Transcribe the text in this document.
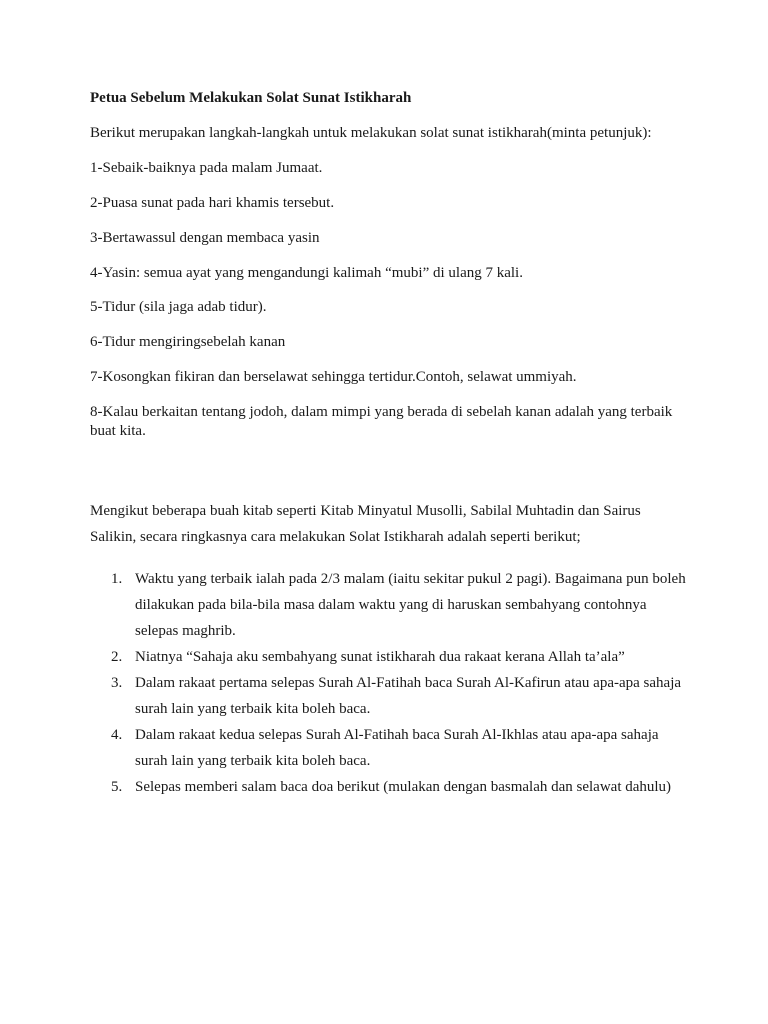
Petua Sebelum Melakukan Solat Sunat Istikharah

Berikut merupakan langkah-langkah untuk melakukan solat sunat istikharah(minta petunjuk):

1-Sebaik-baiknya pada malam Jumaat.

2-Puasa sunat pada hari khamis tersebut.

3-Bertawassul dengan membaca yasin

4-Yasin: semua ayat yang mengandungi kalimah “mubi” di ulang 7 kali.

5-Tidur (sila jaga adab tidur).

6-Tidur mengiringsebelah kanan

7-Kosongkan fikiran dan berselawat sehingga tertidur.Contoh, selawat ummiyah.

8-Kalau berkaitan tentang jodoh, dalam mimpi yang berada di sebelah kanan adalah yang terbaik buat kita.

Mengikut beberapa buah kitab seperti Kitab Minyatul Musolli, Sabilal Muhtadin dan Sairus Salikin, secara ringkasnya cara melakukan Solat Istikharah adalah seperti berikut;

1. Waktu yang terbaik ialah pada 2/3 malam (iaitu sekitar pukul 2 pagi). Bagaimana pun boleh dilakukan pada bila-bila masa dalam waktu yang di haruskan sembahyang contohnya selepas maghrib.
2. Niatnya “Sahaja aku sembahyang sunat istikharah dua rakaat kerana Allah ta’ala”
3. Dalam rakaat pertama selepas Surah Al-Fatihah baca Surah Al-Kafirun atau apa-apa sahaja surah lain yang terbaik kita boleh baca.
4. Dalam rakaat kedua selepas Surah Al-Fatihah baca Surah Al-Ikhlas atau apa-apa sahaja surah lain yang terbaik kita boleh baca.
5. Selepas memberi salam baca doa berikut (mulakan dengan basmalah dan selawat dahulu)
